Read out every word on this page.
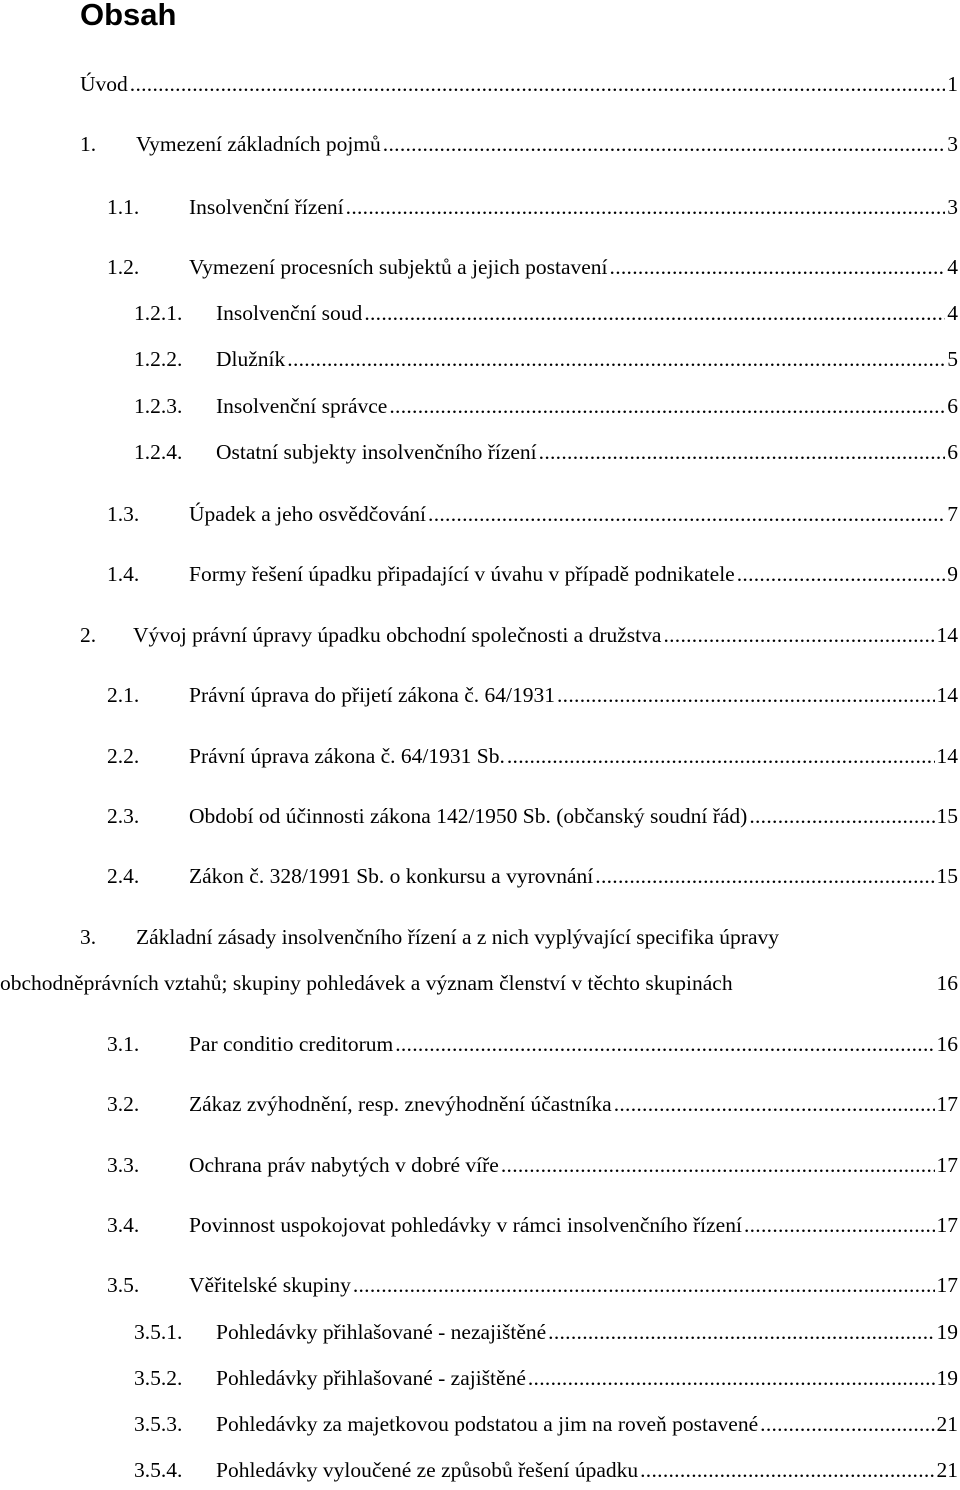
Obsah
Úvod .....	1
1. Vymezení základních pojmů .....	3
1.1. Insolvenční řízení .....	3
1.2. Vymezení procesních subjektů a jejich postavení .....	4
1.2.1. Insolvenční soud .....	4
1.2.2. Dlužník .....	5
1.2.3. Insolvenční správce .....	6
1.2.4. Ostatní subjekty insolvenčního řízení .....	6
1.3. Úpadek a jeho osvědčování .....	7
1.4. Formy řešení úpadku připadající v úvahu v případě podnikatele .....	9
2. Vývoj právní úpravy úpadku obchodní společnosti a družstva .....	14
2.1. Právní úprava do přijetí zákona č. 64/1931 .....	14
2.2. Právní úprava zákona č. 64/1931 Sb. .....	14
2.3. Období od účinnosti zákona 142/1950 Sb. (občanský soudní řád) .....	15
2.4. Zákon č. 328/1991 Sb. o konkursu a vyrovnání .....	15
3. Základní zásady insolvenčního řízení a z nich vyplývající specifika úpravy
obchodněprávních vztahů; skupiny pohledávek a význam členství v těchto skupinách	16
3.1. Par conditio creditorum .....	16
3.2. Zákaz zvýhodnění, resp. znevýhodnění účastníka .....	17
3.3. Ochrana práv nabytých v dobré víře .....	17
3.4. Povinnost uspokojovat pohledávky v rámci insolvenčního řízení .....	17
3.5. Věřitelské skupiny .....	17
3.5.1. Pohledávky přihlašované - nezajištěné .....	19
3.5.2. Pohledávky přihlašované - zajištěné .....	19
3.5.3. Pohledávky za majetkovou podstatou a jim na roveň postavené .....	21
3.5.4. Pohledávky vyloučené ze způsobů řešení úpadku .....	21
